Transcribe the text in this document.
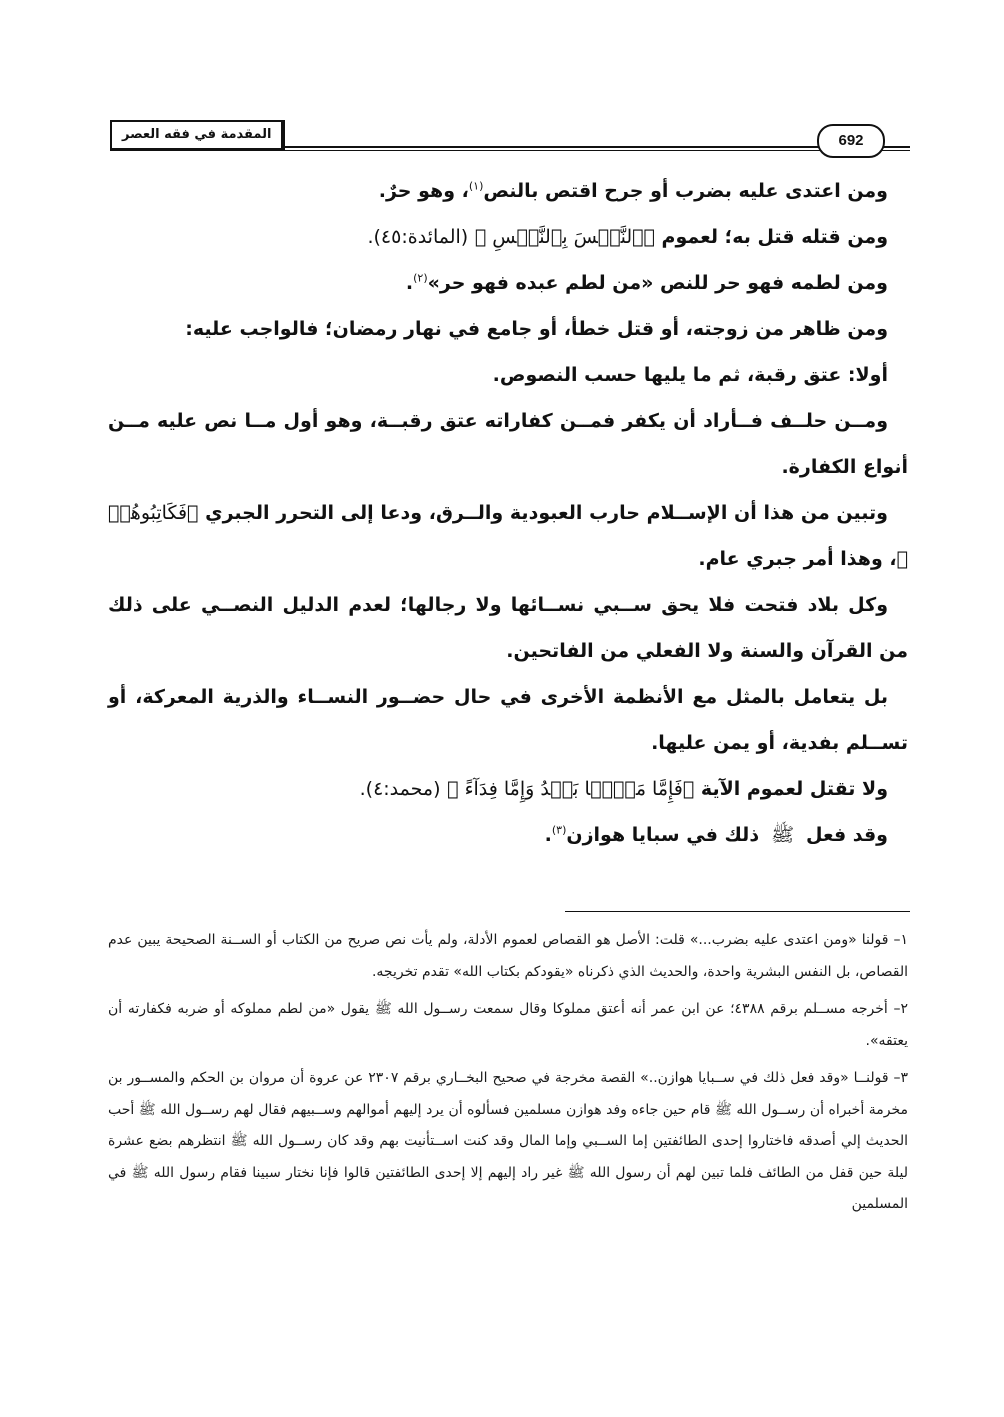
المقدمة في فقه العصر	692

ومن اعتدى عليه بضرب أو جرح اقتص بالنص$^{(١)}$، وهو حرٌ.

ومن قتله قتل به؛ لعموم ﴿ٱلنَّفۡسَ بِٱلنَّفۡسِ ﴾ (المائدة:٤٥).

ومن لطمه فهو حر للنص «من لطم عبده فهو حر»$^{(٢)}$.

ومن ظاهر من زوجته، أو قتل خطأ، أو جامع في نهار رمضان؛ فالواجب عليه:

أولا: عتق رقبة، ثم ما يليها حسب النصوص.

ومــن حلــف فــأراد أن يكفر فمــن كفاراته عتق رقبــة، وهو أول مــا نص عليه مــن أنواع الكفارة.

وتبين من هذا أن الإســلام حارب العبودية والــرق، ودعا إلى التحرر الجبري ﴿فَكَاتِبُوهُمۡ ﴾، وهذا أمر جبري عام.

وكل بلاد فتحت فلا يحق ســبي نســائها ولا رجالها؛ لعدم الدليل النصــي على ذلك من القرآن والسنة ولا الفعلي من الفاتحين.

بل يتعامل بالمثل مع الأنظمة الأخرى في حال حضــور النســاء والذرية المعركة، أو تســلم بفدية، أو يمن عليها.

ولا تقتل لعموم الآية ﴿فَإِمَّا مَنَّۢا بَعۡدُ وَإِمَّا فِدَآءً ﴾ (محمد:٤).

وقد فعلﷺذلك في سبايا هوازن$^{(٣)}$.

١– قولنا «ومن اعتدى عليه بضرب...» قلت: الأصل هو القصاص لعموم الأدلة، ولم يأت نص صريح من الكتاب أو الســنة الصحيحة يبين عدم القصاص، بل النفس البشرية واحدة، والحديث الذي ذكرناه «يقودكم بكتاب الله» تقدم تخريجه.

٢– أخرجه مســلم برقم ٤٣٨٨؛ عن ابن عمر أنه أعتق مملوكا وقال سمعت رســول الله ﷺ يقول «من لطم مملوكه أو ضربه فكفارته أن يعتقه».

٣– قولنــا «وقد فعل ذلك في ســبايا هوازن..» القصة مخرجة في صحيح البخــاري برقم ٢٣٠٧ عن عروة أن مروان بن الحكم والمســور بن مخرمة أخبراه أن رســول الله ﷺ قام حين جاءه وفد هوازن مسلمين فسألوه أن يرد إليهم أموالهم وســبيهم فقال لهم رســول الله ﷺ أحب الحديث إلي أصدقه فاختاروا إحدى الطائفتين إما الســبي وإما المال وقد كنت اســتأنيت بهم وقد كان رســول الله ﷺ انتظرهم بضع عشرة ليلة حين قفل من الطائف فلما تبين لهم أن رسول الله ﷺ غير راد إليهم إلا إحدى الطائفتين قالوا فإنا نختار سبينا فقام رسول الله ﷺ في المسلمين
